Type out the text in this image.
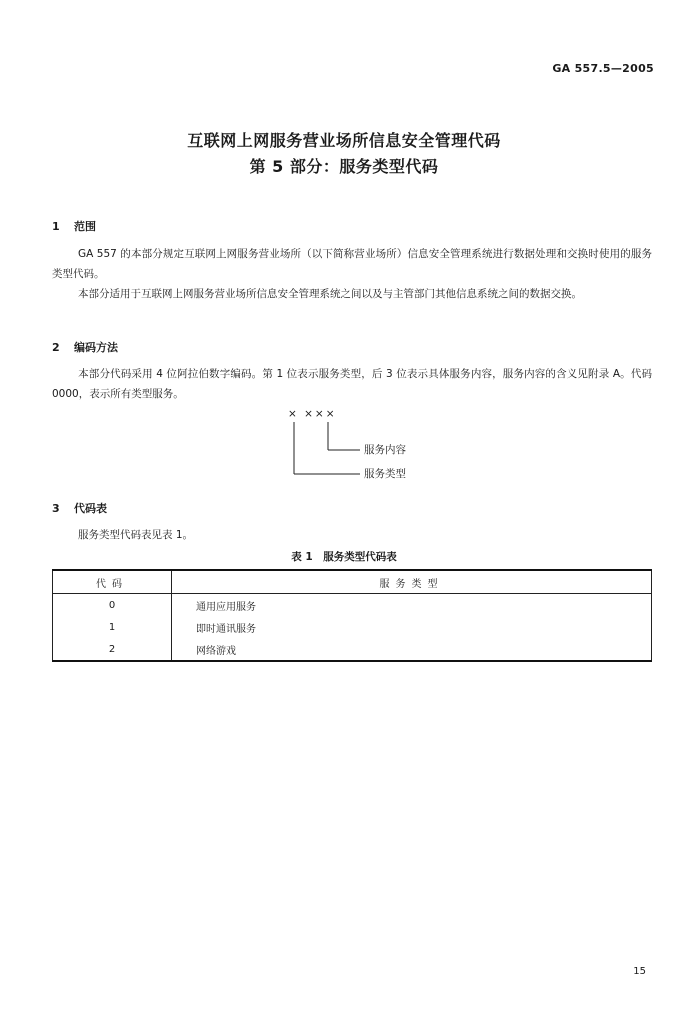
GA 557.5—2005
互联网上网服务营业场所信息安全管理代码
第 5 部分：服务类型代码
1 范围
GA 557 的本部分规定互联网上网服务营业场所（以下简称营业场所）信息安全管理系统进行数据处理和交换时使用的服务类型代码。
本部分适用于互联网上网服务营业场所信息安全管理系统之间以及与主管部门其他信息系统之间的数据交换。
2 编码方法
本部分代码采用 4 位阿拉伯数字编码。第 1 位表示服务类型，后 3 位表示具体服务内容，服务内容的含义见附录 A。代码 0000，表示所有类型服务。
× ×××
服务内容
服务类型
3 代码表
服务类型代码表见表 1。
表 1　服务类型代码表
代码	服务类型
0	通用应用服务
1	即时通讯服务
2	网络游戏
15
